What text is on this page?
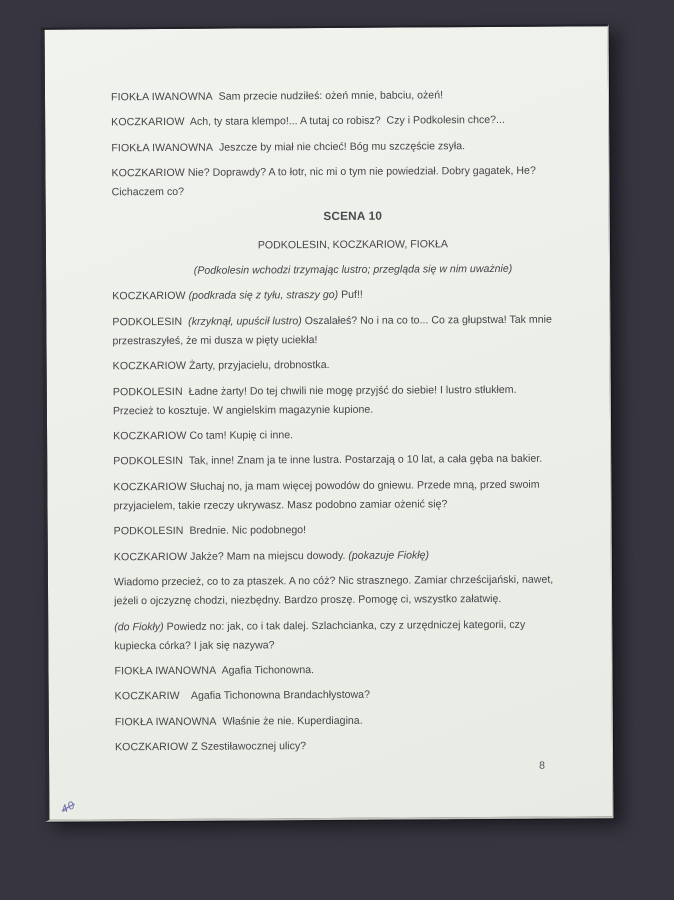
FIOKŁA IWANOWNA  Sam przecie nudziłeś: ożeń mnie, babciu, ożeń!

KOCZKARIOW  Ach, ty stara klempo!... A tutaj co robisz?  Czy i Podkolesin chce?...

FIOKŁA IWANOWNA  Jeszcze by miał nie chcieć! Bóg mu szczęście zsyła.

KOCZKARIOW Nie? Doprawdy? A to łotr, nic mi o tym nie powiedział. Dobry gagatek, He?
Cichaczem co?

SCENA 10

PODKOLESIN, KOCZKARIOW, FIOKŁA

(Podkolesin wchodzi trzymając lustro; przegląda się w nim uważnie)

KOCZKARIOW (podkrada się z tyłu, straszy go) Puf!!

PODKOLESIN  (krzyknął, upuścił lustro) Oszalałeś? No i na co to... Co za głupstwa! Tak mnie
przestraszyłeś, że mi dusza w pięty uciekła!

KOCZKARIOW Żarty, przyjacielu, drobnostka.

PODKOLESIN  Ładne żarty! Do tej chwili nie mogę przyjść do siebie! I lustro stłukłem.
Przecież to kosztuje. W angielskim magazynie kupione.

KOCZKARIOW Co tam! Kupię ci inne.

PODKOLESIN  Tak, inne! Znam ja te inne lustra. Postarzają o 10 lat, a cała gęba na bakier.

KOCZKARIOW Słuchaj no, ja mam więcej powodów do gniewu. Przede mną, przed swoim
przyjacielem, takie rzeczy ukrywasz. Masz podobno zamiar ożenić się?

PODKOLESIN  Brednie. Nic podobnego!

KOCZKARIOW Jakże? Mam na miejscu dowody. (pokazuje Fiokłę)

Wiadomo przecież, co to za ptaszek. A no cóż? Nic strasznego. Zamiar chrześcijański, nawet,
jeżeli o ojczyznę chodzi, niezbędny. Bardzo proszę. Pomogę ci, wszystko załatwię.

(do Fiokły) Powiedz no: jak, co i tak dalej. Szlachcianka, czy z urzędniczej kategorii, czy
kupiecka córka? I jak się nazywa?

FIOKŁA IWANOWNA  Agafia Tichonowna.

KOCZKARIW    Agafia Tichonowna Brandachłystowa?

FIOKŁA IWANOWNA  Właśnie że nie. Kuperdiagina.

KOCZKARIOW Z Szestiławocznej ulicy?

8
40
